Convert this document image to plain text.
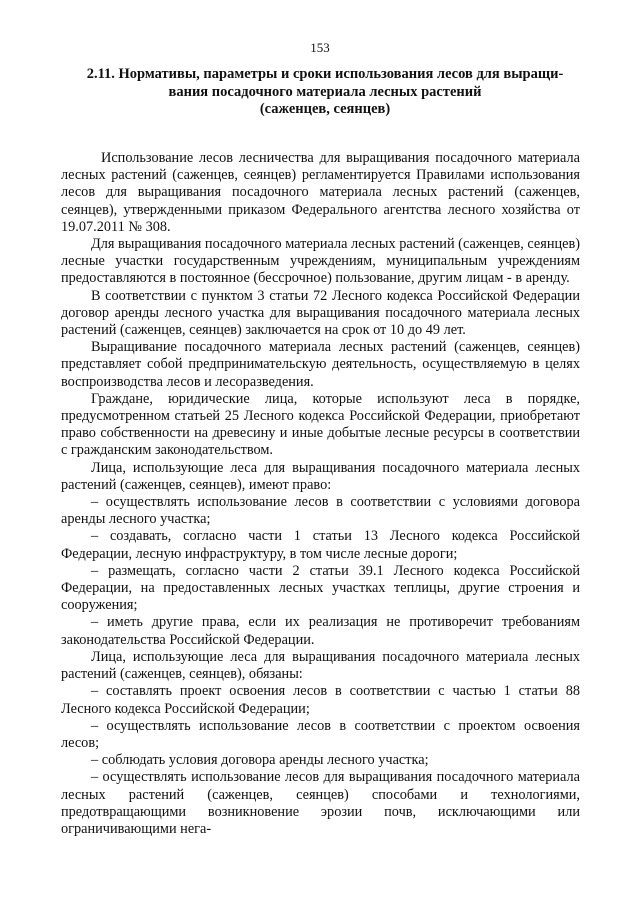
153
2.11. Нормативы, параметры и сроки использования лесов для выращи-
вания посадочного материала лесных растений
(саженцев, сеянцев)

Использование лесов лесничества для выращивания посадочного материала лесных растений (саженцев, сеянцев) регламентируется Правилами использования лесов для выращивания посадочного материала лесных растений (саженцев, сеянцев), утвержденными приказом Федерального агентства лесного хозяйства от 19.07.2011 № 308.

Для выращивания посадочного материала лесных растений (саженцев, сеянцев) лесные участки государственным учреждениям, муниципальным учреждениям предоставляются в постоянное (бессрочное) пользование, другим лицам - в аренду.

В соответствии с пунктом 3 статьи 72 Лесного кодекса Российской Федерации договор аренды лесного участка для выращивания посадочного материала лесных растений (саженцев, сеянцев) заключается на срок от 10 до 49 лет.

Выращивание посадочного материала лесных растений (саженцев, сеянцев) представляет собой предпринимательскую деятельность, осуществляемую в целях воспроизводства лесов и лесоразведения.

Граждане, юридические лица, которые используют леса в порядке, предусмотренном статьей 25 Лесного кодекса Российской Федерации, приобретают право собственности на древесину и иные добытые лесные ресурсы в соответствии с гражданским законодательством.

Лица, использующие леса для выращивания посадочного материала лесных растений (саженцев, сеянцев), имеют право:

– осуществлять использование лесов в соответствии с условиями договора аренды лесного участка;

– создавать, согласно части 1 статьи 13 Лесного кодекса Российской Федерации, лесную инфраструктуру, в том числе лесные дороги;

– размещать, согласно части 2 статьи 39.1 Лесного кодекса Российской Федерации, на предоставленных лесных участках теплицы, другие строения и сооружения;

– иметь другие права, если их реализация не противоречит требованиям законодательства Российской Федерации.

Лица, использующие леса для выращивания посадочного материала лесных растений (саженцев, сеянцев), обязаны:

– составлять проект освоения лесов в соответствии с частью 1 статьи 88 Лесного кодекса Российской Федерации;

– осуществлять использование лесов в соответствии с проектом освоения лесов;

– соблюдать условия договора аренды лесного участка;

– осуществлять использование лесов для выращивания посадочного материала лесных растений (саженцев, сеянцев) способами и технологиями, предотвращающими возникновение эрозии почв, исключающими или ограничивающими нега-
